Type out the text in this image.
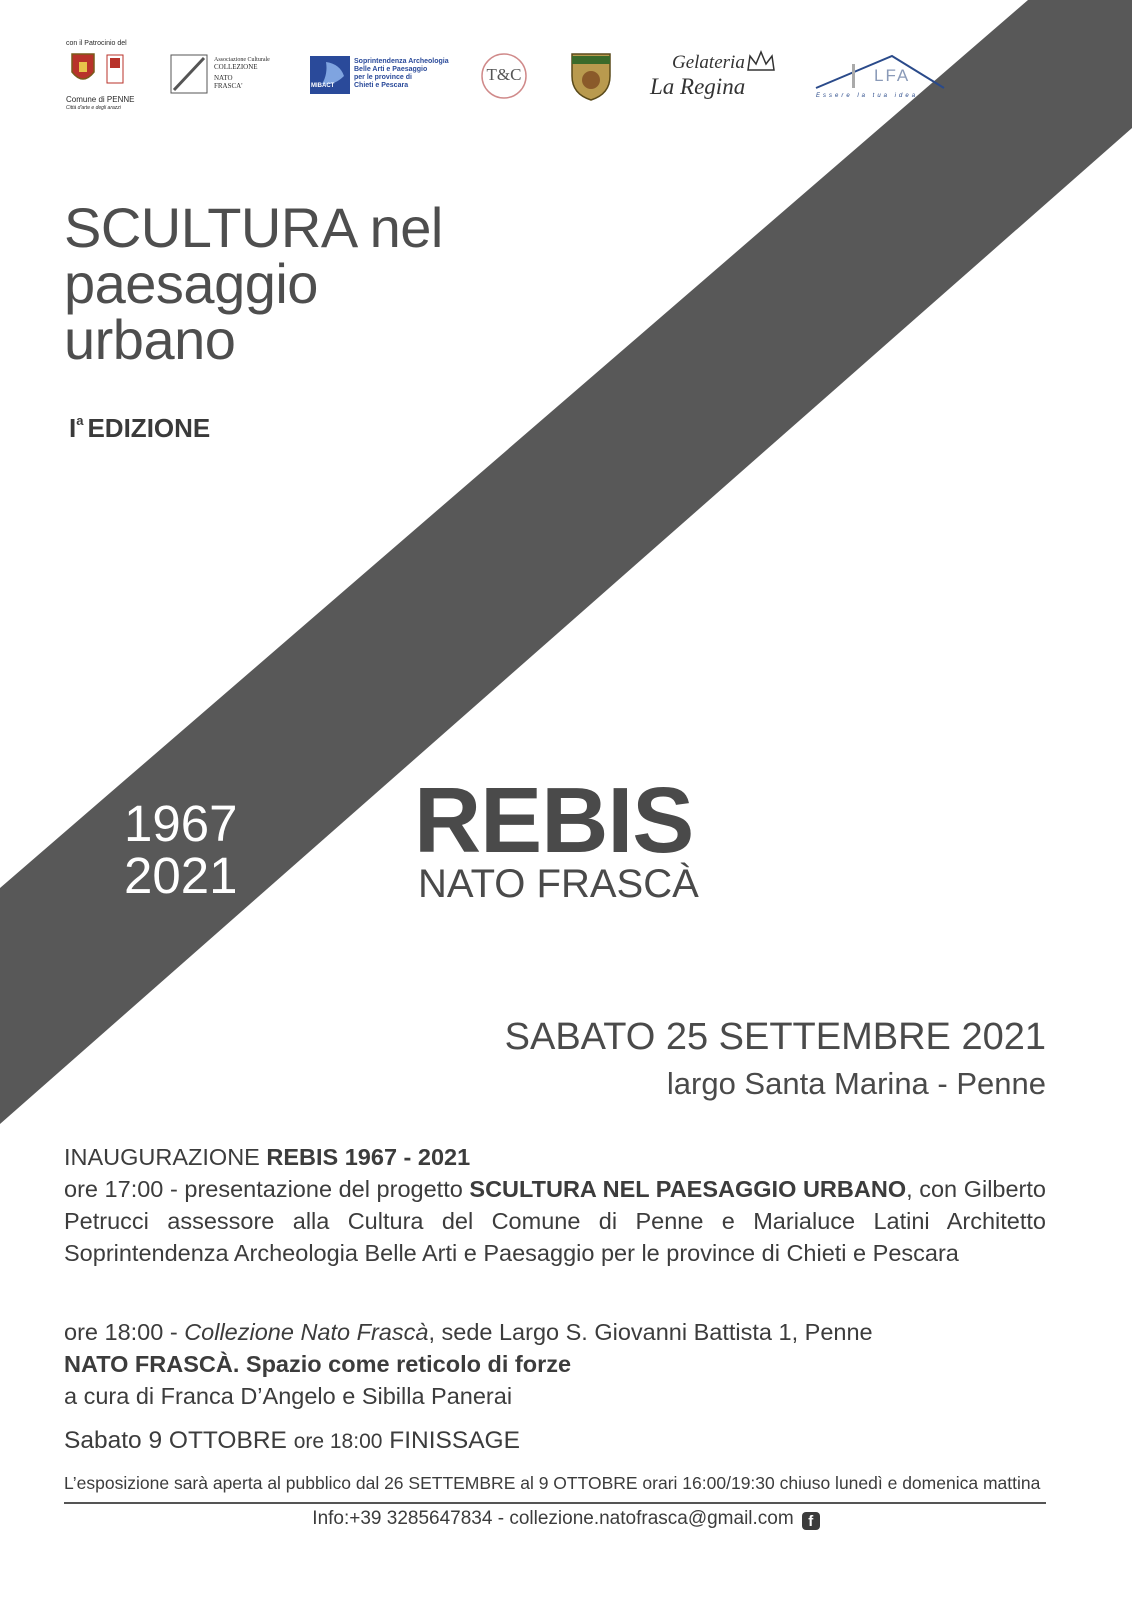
con il Patrocinio del
Comune di PENNE
Città d'arte e degli arazzi
Associazione Culturale
COLLEZIONE
NATO
FRASCA'	MIBACT
Soprintendenza Archeologia
Belle Arti e Paesaggio
per le province di
Chieti e Pescara
T&C
Gelateria
La Regina	LFA
Essere la tua idea
SCULTURA nel
paesaggio
urbano
$I^a$ EDIZIONE
1967
2021
REBIS
NATO FRASCÀ
SABATO 25 SETTEMBRE 2021
largo Santa Marina - Penne
INAUGURAZIONE REBIS 1967 - 2021
ore 17:00 - presentazione del progetto SCULTURA NEL PAESAGGIO URBANO, con Gilberto Petrucci assessore alla Cultura del Comune di Penne e Marialuce Latini Architetto Soprintendenza Archeologia Belle Arti e Paesaggio per le province di Chieti e Pescara
ore 18:00 - Collezione Nato Frascà, sede Largo S. Giovanni Battista 1, Penne
NATO FRASCÀ. Spazio come reticolo di forze
a cura di Franca D’Angelo e Sibilla Panerai
Sabato 9 OTTOBRE ore 18:00 FINISSAGE
L’esposizione sarà aperta al pubblico dal 26 SETTEMBRE al 9 OTTOBRE orari 16:00/19:30 chiuso lunedì e domenica mattina
Info:+39 3285647834 - collezione.natofrasca@gmail.com f
